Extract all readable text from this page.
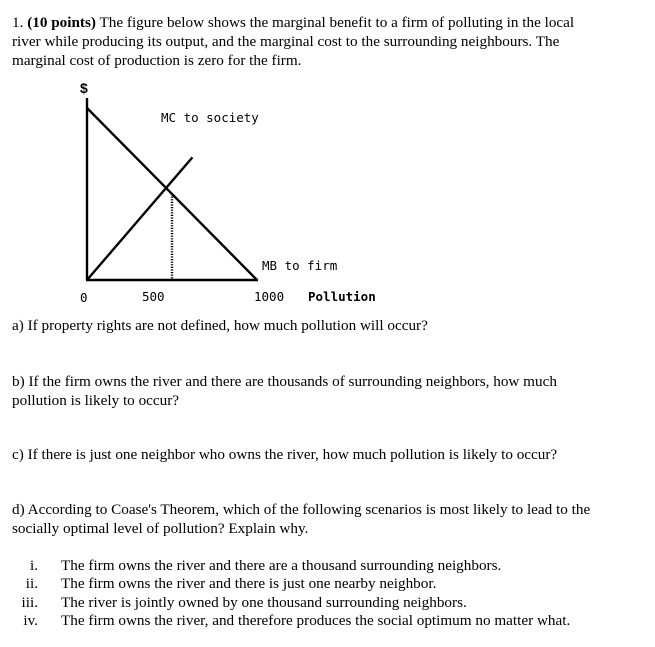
1. (10 points) The figure below shows the marginal benefit to a firm of polluting in the local
river while producing its output, and the marginal cost to the surrounding neighbours. The
marginal cost of production is zero for the firm.
$
MC to society
MB to firm
0	500	1000 Pollution
a) If property rights are not defined, how much pollution will occur?
b) If the firm owns the river and there are thousands of surrounding neighbors, how much
pollution is likely to occur?
c) If there is just one neighbor who owns the river, how much pollution is likely to occur?
d) According to Coase's Theorem, which of the following scenarios is most likely to lead to the
socially optimal level of pollution? Explain why.
i. The firm owns the river and there are a thousand surrounding neighbors.
ii. The firm owns the river and there is just one nearby neighbor.
iii. The river is jointly owned by one thousand surrounding neighbors.
iv. The firm owns the river, and therefore produces the social optimum no matter what.
